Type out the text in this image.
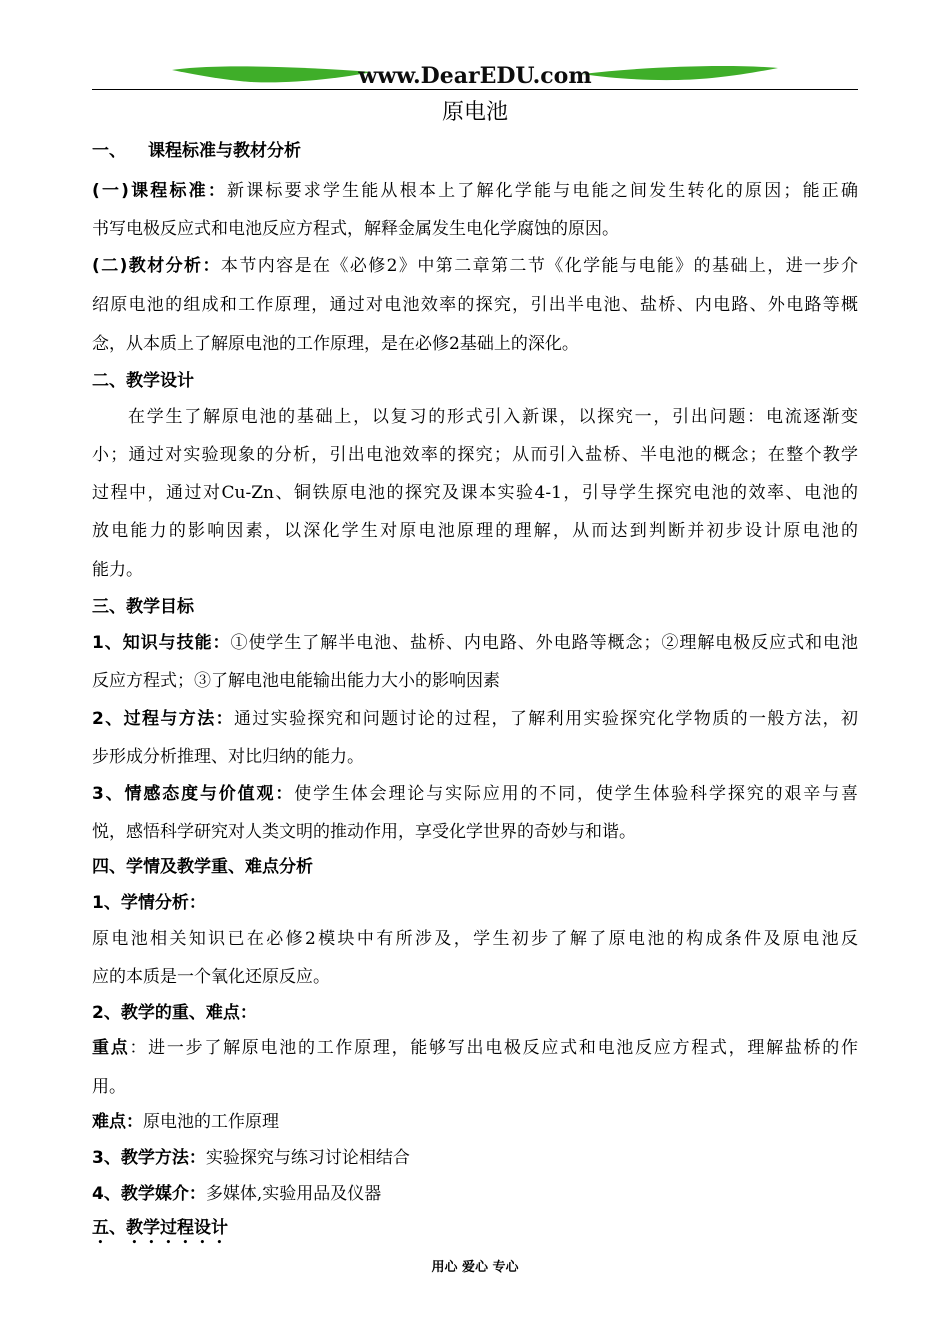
www.DearEDU.com
原电池
一、 课程标准与教材分析
(一)课程标准：新课标要求学生能从根本上了解化学能与电能之间发生转化的原因；能正确
书写电极反应式和电池反应方程式，解释金属发生电化学腐蚀的原因。
(二)教材分析：本节内容是在《必修2》中第二章第二节《化学能与电能》的基础上，进一步介
绍原电池的组成和工作原理，通过对电池效率的探究，引出半电池、盐桥、内电路、外电路等概
念，从本质上了解原电池的工作原理，是在必修2基础上的深化。
二、教学设计
在学生了解原电池的基础上，以复习的形式引入新课，以探究一，引出问题：电流逐渐变
小；通过对实验现象的分析，引出电池效率的探究；从而引入盐桥、半电池的概念；在整个教学
过程中，通过对Cu-Zn、铜铁原电池的探究及课本实验4-1，引导学生探究电池的效率、电池的
放电能力的影响因素，以深化学生对原电池原理的理解，从而达到判断并初步设计原电池的
能力。
三、教学目标
1、知识与技能：①使学生了解半电池、盐桥、内电路、外电路等概念；②理解电极反应式和电池
反应方程式；③了解电池电能输出能力大小的影响因素
2、过程与方法：通过实验探究和问题讨论的过程，了解利用实验探究化学物质的一般方法，初
步形成分析推理、对比归纳的能力。
3、情感态度与价值观：使学生体会理论与实际应用的不同，使学生体验科学探究的艰辛与喜
悦，感悟科学研究对人类文明的推动作用，享受化学世界的奇妙与和谐。
四、学情及教学重、难点分析
1、学情分析：
原电池相关知识已在必修2模块中有所涉及，学生初步了解了原电池的构成条件及原电池反
应的本质是一个氧化还原反应。
2、教学的重、难点：
重点：进一步了解原电池的工作原理，能够写出电极反应式和电池反应方程式，理解盐桥的作
用。
难点：原电池的工作原理
3、教学方法：实验探究与练习讨论相结合
4、教学媒介：多媒体,实验用品及仪器
五、教学过程设计
用心 爱心 专心
